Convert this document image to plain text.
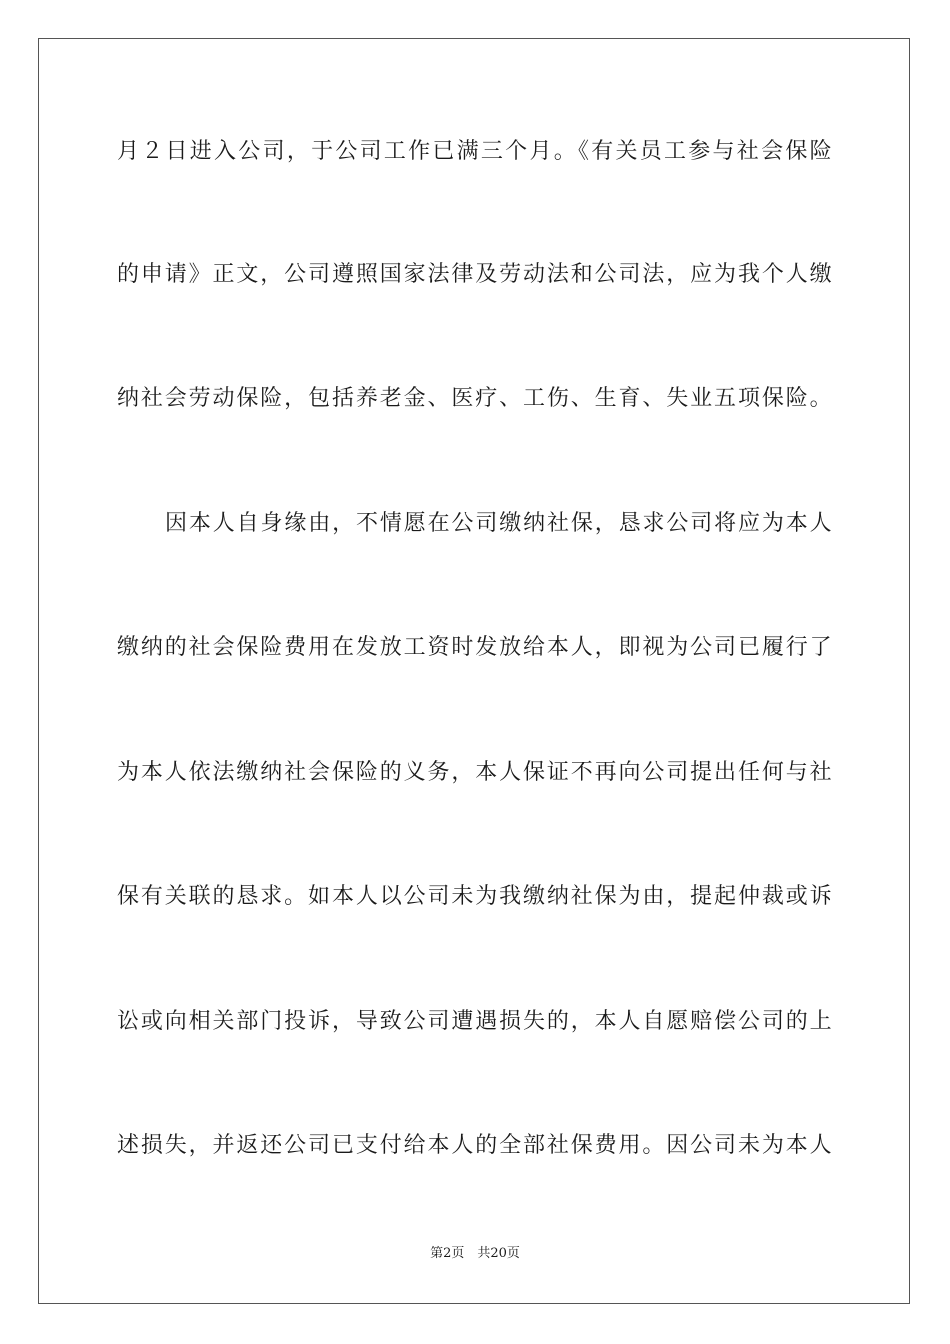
月２日进入公司，于公司工作已满三个月。《有关员工参与社会保险
的申请》正文，公司遵照国家法律及劳动法和公司法，应为我个人缴
纳社会劳动保险，包括养老金、医疗、工伤、生育、失业五项保险。
因本人自身缘由，不情愿在公司缴纳社保，恳求公司将应为本人
缴纳的社会保险费用在发放工资时发放给本人，即视为公司已履行了
为本人依法缴纳社会保险的义务，本人保证不再向公司提出任何与社
保有关联的恳求。如本人以公司未为我缴纳社保为由，提起仲裁或诉
讼或向相关部门投诉，导致公司遭遇损失的，本人自愿赔偿公司的上
述损失，并返还公司已支付给本人的全部社保费用。因公司未为本人
第2页　共20页
